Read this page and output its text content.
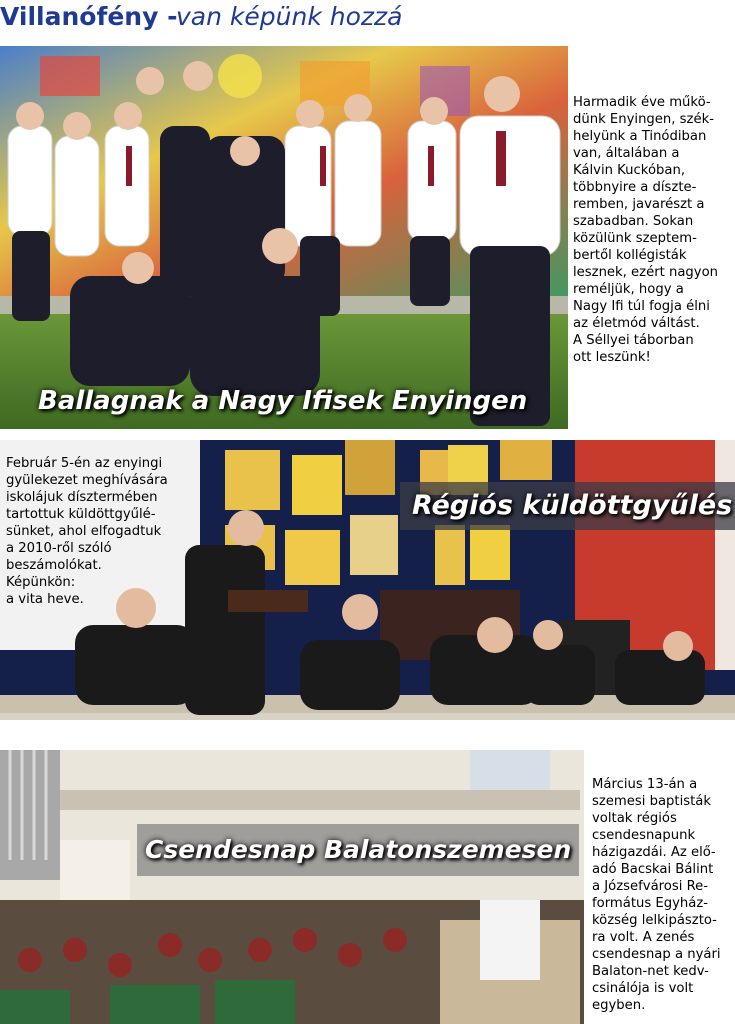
Villanófény -
van képünk hozzá
Ballagnak a Nagy Ifisek Enyingen
Harmadik éve műkö-
dünk Enyingen, szék-
helyünk a Tinódiban
van, általában a
Kálvin Kuckóban,
többnyire a díszte-
remben, javarészt a
szabadban. Sokan
közülünk szeptem-
bertől kollégisták
lesznek, ezért nagyon
reméljük, hogy a
Nagy Ifi túl fogja élni
az életmód váltást.
A Séllyei táborban
ott leszünk!
Február 5-én az enyingi
gyülekezet meghívására
iskolájuk dísztermében
tartottuk küldöttgyűlé-
sünket, ahol elfogadtuk
a 2010-ről szóló
beszámolókat.
Képünkön:
a vita heve.
Régiós küldöttgyűlés
Csendesnap Balatonszemesen
Március 13-án a
szemesi baptisták
voltak régiós
csendesnapunk
házigazdái. Az elő-
adó Bacskai Bálint
a Józsefvárosi Re-
formátus Egyház-
község lelkipászto-
ra volt. A zenés
csendesnap a nyári
Balaton-net kedv-
csinálója is volt
egyben.
